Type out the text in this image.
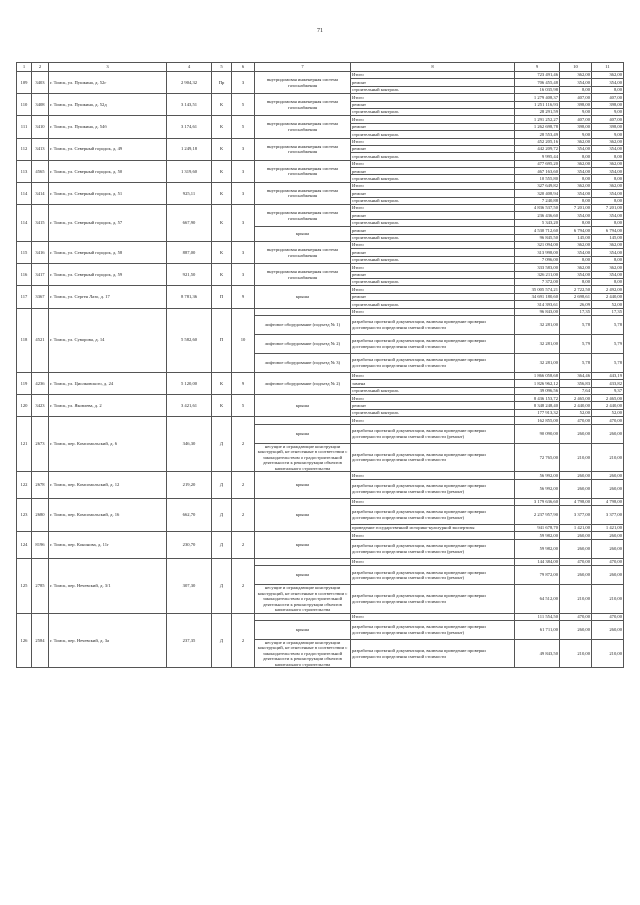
71
1	2	3	4	5	6	7	8	9	10	11
109	3403	г. Томск, ул. Пушкина, д. 52г	2 904,32	Пр	3	внутридомовая инженерная система газоснабжения	Итого	723 491,46	362,00	362,00
							ремонт	706 455,48	354,00	354,00
							строительный контроль	16 035,98	8,00	8,00
110	3408	г. Томск, ул. Пушкина, д. 52д	3 143,51	К	5	внутридомовая инженерная система газоснабжения	Итого	1 279 408,37	407,00	407,00
							ремонт	1 251 116,93	398,00	398,00
							строительный контроль	28 291,59	9,00	9,00
111	3410	г. Томск, ул. Пушкина, д. 54б	3 174,61	К	5	внутридомовая инженерная система газоснабжения	Итого	1 291 252,27	407,00	407,00
							ремонт	1 262 698,78	398,00	398,00
							строительный контроль	28 553,49	9,00	9,00
112	3413	г. Томск, ул. Северный городок, д. 49	1 249,18	К	3	внутридомовая инженерная система газоснабжения	Итого	452 205,16	362,00	362,00
							ремонт	442 209,72	354,00	354,00
							строительный контроль	9 995,44	8,00	8,00
113	4565	г. Томск, ул. Северный городок, д. 50	1 319,60	К	3	внутридомовая инженерная система газоснабжения	Итого	477 695,20	362,00	362,00
							ремонт	467 163,60	354,00	354,00
							строительный контроль	10 555,80	8,00	8,00
114	3414	г. Томск, ул. Северный городок, д. 51	925,11	К	3	внутридомовая инженерная система газоснабжения	Итого	327 649,82	362,00	362,00
							ремонт	320 408,94	354,00	354,00
							строительный контроль	7 240,88	8,00	8,00
114	3415	г. Томск, ул. Северный городок, д. 57	667,90	К	3	внутридомовая инженерная система газоснабжения	Итого	4 836 537,50	7 201,00	7 201,00
							ремонт	236 436,60	354,00	354,00
							строительный контроль	5 343,20	8,00	8,00
						крыша	ремонт	4 530 712,60	6 794,00	6 794,00
							строительный контроль	96 845,50	145,00	145,00
115	3416	г. Томск, ул. Северный городок, д. 58	887,00	К	3	внутридомовая инженерная система газоснабжения	Итого	321 094,00	362,00	362,00
							ремонт	313 998,00	354,00	354,00
							строительный контроль	7 096,00	8,00	8,00
116	3417	г. Томск, ул. Северный городок, д. 59	921,50	К	3	внутридомовая инженерная система газоснабжения	Итого	333 583,00	362,00	362,00
							ремонт	326 211,00	354,00	354,00
							строительный контроль	7 372,00	8,00	8,00
117	3367	г. Томск, ул. Сергея Лазо, д. 17	8 781,36	П	9	крыша	Итого	35 005 574,21	2 722,50	2 492,00
							ремонт	34 691 180,60	2 698,61	2 440,00
							строительный контроль	314 393,61	26,09	52,00
118	4521	г. Томск, ул. Суворова, д. 14	5 582,60	П	10		Итого	96 843,00	17,35	17,35
						лифтовое оборудование (подъезд № 1)	разработка проектной документации, включая проведение проверки достоверности определения сметной стоимости	32 281,00	5,78	5,78
						лифтовое оборудование (подъезд № 2)	разработка проектной документации, включая проведение проверки достоверности определения сметной стоимости	32 281,00	5,79	5,79
						лифтовое оборудование (подъезд № 3)	разработка проектной документации, включая проведение проверки достоверности определения сметной стоимости	32 281,00	5,78	5,78
119	4236	г. Томск, ул. Циолковского, д. 24	5 120,00	К	9	лифтовое оборудование (подъезд № 2)	Итого	1 866 058,68	364,46	443,19
							замена	1 826 962,12	356,83	433,82
							строительный контроль	39 096,56	7,64	9,37
120	3423	г. Томск, ул. Яковлева, д. 2	3 421,61	К	5	крыша	Итого	8 436 153,72	2 465,00	2 465,00
							ремонт	8 348 248,40	2 440,00	2 440,00
							строительный контроль	177 913,32	52,00	52,00
121	2673	г. Томск, пер. Комсомольский, д. 6	346,30	Д	2		Итого	162 855,00	470,00	470,00
						крыша	разработка проектной документации, включая проведение проверки достоверности определения сметной стоимости (ремонт)	90 090,00	260,00	260,00
						несущие и ограждающие конструкции конструкций, не отнесенные в соответствии с законодательством о градостроительной деятельности к реконструкции объектов капитального строительства	разработка проектной документации, включая проведение проверки достоверности определения сметной стоимости	72 765,00	210,00	210,00
122	2678	г. Томск, пер. Комсомольский, д. 12	219,20	Д	2	крыша	Итого	56 992,00	260,00	260,00
							разработка проектной документации, включая проведение проверки достоверности определения сметной стоимости (ремонт)	56 992,00	260,00	260,00
123	2680	г. Томск, пер. Комсомольский, д. 16	662,70	Д	2	крыша	Итого	3 179 636,60	4 798,00	4 798,00
							разработка проектной документации, включая проведение проверки достоверности определения сметной стоимости (ремонт)	2 237 957,90	3 377,00	3 377,00
							проведение государственной историко-культурной экспертизы	941 678,70	1 421,00	1 421,00
124	8196	г. Томск, пер. Кононова, д. 11г	230,70	Д	2	крыша	Итого	59 982,00	260,00	260,00
							разработка проектной документации, включая проведение проверки достоверности определения сметной стоимости (ремонт)	59 982,00	260,00	260,00
125	2785	г. Томск, пер. Нечевский, д. 3/1	307,30	Д	2		Итого	144 384,00	470,00	470,00
						крыша	разработка проектной документации, включая проведение проверки достоверности определения сметной стоимости (ремонт)	79 872,00	260,00	260,00
						несущие и ограждающие конструкции конструкций, не отнесенные в соответствии с законодательством о градостроительной деятельности к реконструкции объектов капитального строительства	разработка проектной документации, включая проведение проверки достоверности определения сметной стоимости	64 512,00	210,00	210,00
126	2584	г. Томск, пер. Нечевский, д. 3а	237,35	Д	2		Итого	111 554,50	470,00	470,00
						крыша	разработка проектной документации, включая проведение проверки достоверности определения сметной стоимости (ремонт)	61 711,00	260,00	260,00
						несущие и ограждающие конструкции конструкций, не отнесенные в соответствии с законодательством о градостроительной деятельности к реконструкции объектов капитального строительства	разработка проектной документации, включая проведение проверки достоверности определения сметной стоимости	49 843,50	210,00	210,00
